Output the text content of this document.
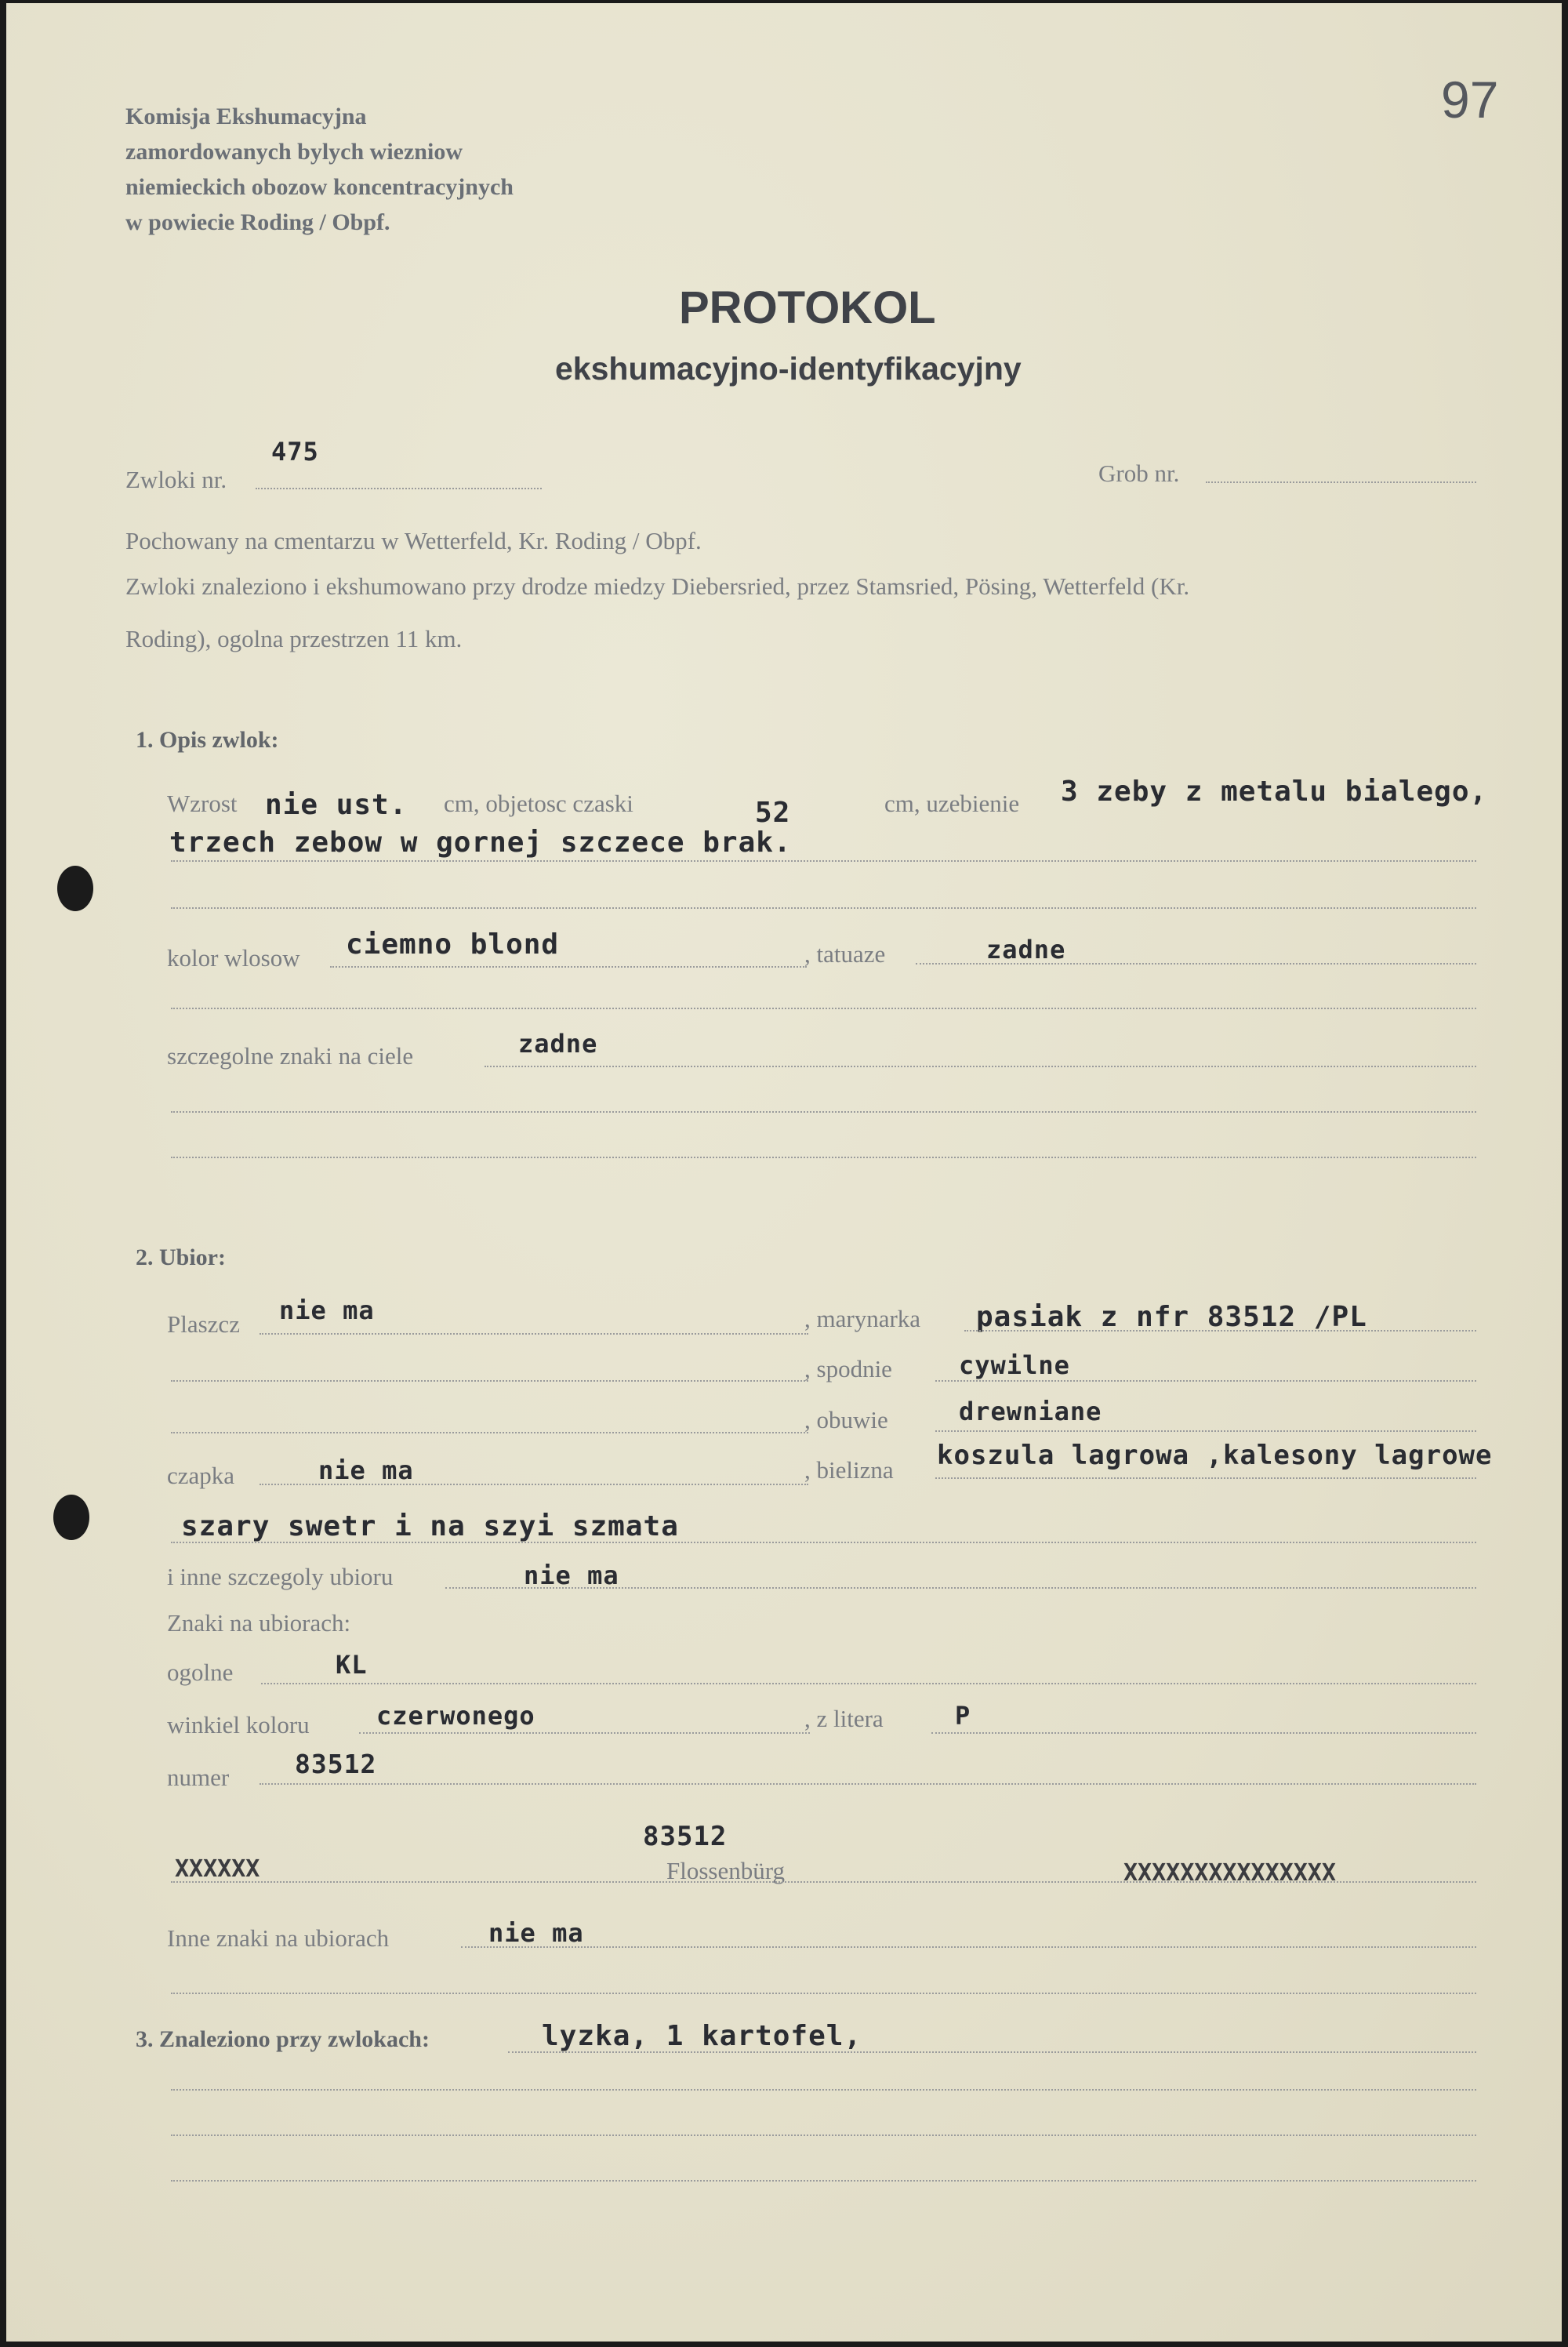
97
Komisja Ekshumacyjna
zamordowanych bylych wiezniow
niemieckich obozow koncentracyjnych
w powiecie Roding / Obpf.
PROTOKOL
ekshumacyjno-identyfikacyjny
Zwloki nr.
475
Grob nr.
Pochowany na cmentarzu w Wetterfeld, Kr. Roding / Obpf.
Zwloki znaleziono i ekshumowano przy drodze miedzy Diebersried, przez Stamsried, Pösing, Wetterfeld (Kr.
Roding), ogolna przestrzen 11 km.
1. Opis zwlok:
Wzrost nie ust. cm, objetosc czaski	52	cm, uzebienie 3 zeby z metalu bialego,
trzech zebow w gornej szczece brak.
kolor wlosow ciemno blond	, tatuaze	zadne
szczegolne znaki na ciele	zadne
2. Ubior:
Plaszcz nie ma	, marynarka pasiak z nfr 83512 /PL
, spodnie	cywilne
, obuwie	drewniane
czapka	nie ma	, bielizna koszula lagrowa ,kalesony lagrowe
szary swetr i na szyi szmata
i inne szczegoly ubioru	nie ma
Znaki na ubiorach:
ogolne	KL
winkiel koloru	czerwonego	, z litera	P
numer	83512
83512
XXXXXX	Flossenbürg	XXXXXXXXXXXXXXX
Inne znaki na ubiorach	nie ma
3. Znaleziono przy zwlokach:	lyzka, 1 kartofel,
